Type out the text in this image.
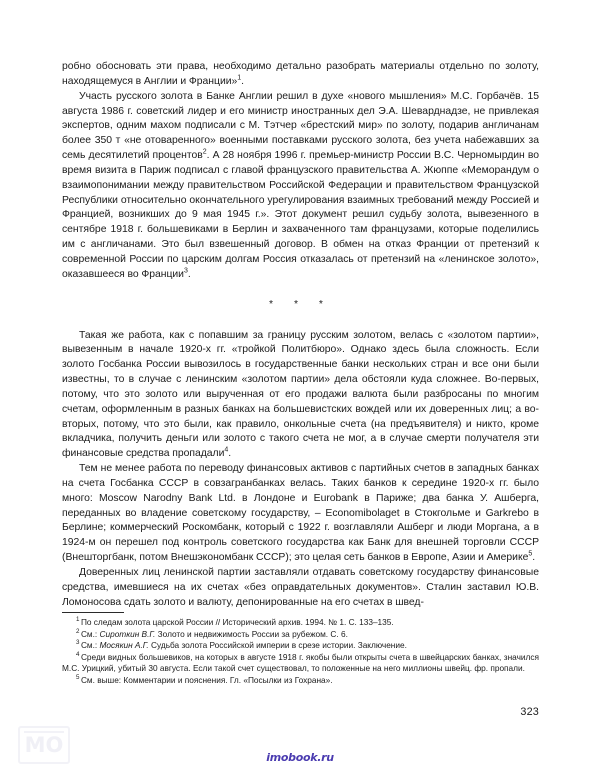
робно обосновать эти права, необходимо детально разобрать материалы отдельно по золоту, находящемуся в Англии и Франции»$^1$.

Участь русского золота в Банке Англии решил в духе «нового мышления» М.С. Горбачёв. 15 августа 1986 г. советский лидер и его министр иностранных дел Э.А. Шеварднадзе, не привлекая экспертов, одним махом подписали с М. Тэтчер «брестский мир» по золоту, подарив англичанам более 350 т «не отоваренного» военными поставками русского золота, без учета набежавших за семь десятилетий процентов$^2$. А 28 ноября 1996 г. премьер-министр России В.С. Черномырдин во время визита в Париж подписал с главой французского правительства А. Жюппе «Меморандум о взаимопонимании между правительством Российской Федерации и правительством Французской Республики относительно окончательного урегулирования взаимных требований между Россией и Францией, возникших до 9 мая 1945 г.». Этот документ решил судьбу золота, вывезенного в сентябре 1918 г. большевиками в Берлин и захваченного там французами, которые поделились им с англичанами. Это был взвешенный договор. В обмен на отказ Франции от претензий к современной России по царским долгам Россия отказалась от претензий на «ленинское золото», оказавшееся во Франции$^3$.

* * *

Такая же работа, как с попавшим за границу русским золотом, велась с «золотом партии», вывезенным в начале 1920-х гг. «тройкой Политбюро». Однако здесь была сложность. Если золото Госбанка России вывозилось в государственные банки нескольких стран и все они были известны, то в случае с ленинским «золотом партии» дела обстояли куда сложнее. Во-первых, потому, что это золото или вырученная от его продажи валюта были разбросаны по многим счетам, оформленным в разных банках на большевистских вождей или их доверенных лиц; а во-вторых, потому, что это были, как правило, онкольные счета (на предъявителя) и никто, кроме вкладчика, получить деньги или золото с такого счета не мог, а в случае смерти получателя эти финансовые средства пропадали$^4$.

Тем не менее работа по переводу финансовых активов с партийных счетов в западных банках на счета Госбанка СССР в совзагранбанках велась. Таких банков к середине 1920-х гг. было много: Moscow Narodny Bank Ltd. в Лондоне и Eurobank в Париже; два банка У. Ашберга, переданных во владение советскому государству, – Economibolaget в Стокгольме и Garkrebo в Берлине; коммерческий Роскомбанк, который с 1922 г. возглавляли Ашберг и люди Моргана, а в 1924-м он перешел под контроль советского государства как Банк для внешней торговли СССР (Внешторгбанк, потом Внешэкономбанк СССР); это целая сеть банков в Европе, Азии и Америке$^5$.

Доверенных лиц ленинской партии заставляли отдавать советскому государству финансовые средства, имевшиеся на их счетах «без оправдательных документов». Сталин заставил Ю.В. Ломоносова сдать золото и валюту, депонированные на его счетах в швед-

$^1$ По следам золота царской России // Исторический архив. 1994. № 1. С. 133–135.

$^2$ См.: Сироткин В.Г. Золото и недвижимость России за рубежом. С. 6.

$^3$ См.: Мосякин А.Г. Судьба золота Российской империи в срезе истории. Заключение.

$^4$ Среди видных большевиков, на которых в августе 1918 г. якобы были открыты счета в швейцарских банках, значился М.С. Урицкий, убитый 30 августа. Если такой счет существовал, то положенные на него миллионы швейц. фр. пропали.

$^5$ См. выше: Комментарии и пояснения. Гл. «Посылки из Гохрана».

323
MO
imobook.ru
